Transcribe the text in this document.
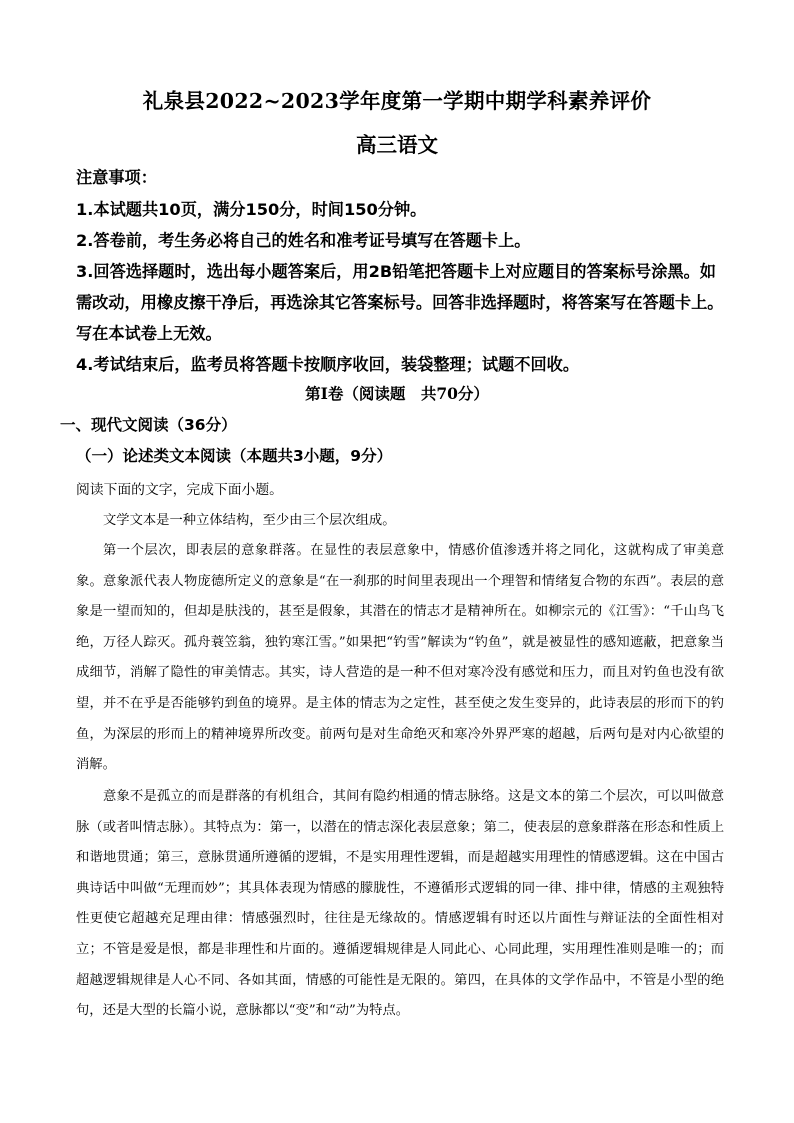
礼泉县2022~2023学年度第一学期中期学科素养评价
高三语文
注意事项：
1.本试题共10页，满分150分，时间150分钟。
2.答卷前，考生务必将自己的姓名和准考证号填写在答题卡上。
3.回答选择题时，选出每小题答案后，用2B铅笔把答题卡上对应题目的答案标号涂黑。如需改动，用橡皮擦干净后，再选涂其它答案标号。回答非选择题时，将答案写在答题卡上。写在本试卷上无效。
4.考试结束后，监考员将答题卡按顺序收回，装袋整理；试题不回收。
第Ⅰ卷（阅读题　共70分）
一、现代文阅读（36分）
（一）论述类文本阅读（本题共3小题，9分）
阅读下面的文字，完成下面小题。
文学文本是一种立体结构，至少由三个层次组成。
第一个层次，即表层的意象群落。在显性的表层意象中，情感价值渗透并将之同化，这就构成了审美意象。意象派代表人物庞德所定义的意象是“在一刹那的时间里表现出一个理智和情绪复合物的东西”。表层的意象是一望而知的，但却是肤浅的，甚至是假象，其潜在的情志才是精神所在。如柳宗元的《江雪》：“千山鸟飞绝，万径人踪灭。孤舟蓑笠翁，独钓寒江雪。”如果把“钓雪”解读为“钓鱼”，就是被显性的感知遮蔽，把意象当成细节，消解了隐性的审美情志。其实，诗人营造的是一种不但对寒冷没有感觉和压力，而且对钓鱼也没有欲望，并不在乎是否能够钓到鱼的境界。是主体的情志为之定性，甚至使之发生变异的，此诗表层的形而下的钓鱼，为深层的形而上的精神境界所改变。前两句是对生命绝灭和寒冷外界严寒的超越，后两句是对内心欲望的消解。
意象不是孤立的而是群落的有机组合，其间有隐约相通的情志脉络。这是文本的第二个层次，可以叫做意脉（或者叫情志脉）。其特点为：第一，以潜在的情志深化表层意象；第二，使表层的意象群落在形态和性质上和谐地贯通；第三，意脉贯通所遵循的逻辑，不是实用理性逻辑，而是超越实用理性的情感逻辑。这在中国古典诗话中叫做“无理而妙”；其具体表现为情感的朦胧性，不遵循形式逻辑的同一律、排中律，情感的主观独特性更使它超越充足理由律：情感强烈时，往往是无缘故的。情感逻辑有时还以片面性与辩证法的全面性相对立；不管是爱是恨，都是非理性和片面的。遵循逻辑规律是人同此心、心同此理，实用理性准则是唯一的；而超越逻辑规律是人心不同、各如其面，情感的可能性是无限的。第四，在具体的文学作品中，不管是小型的绝句，还是大型的长篇小说，意脉都以“变”和“动”为特点。
